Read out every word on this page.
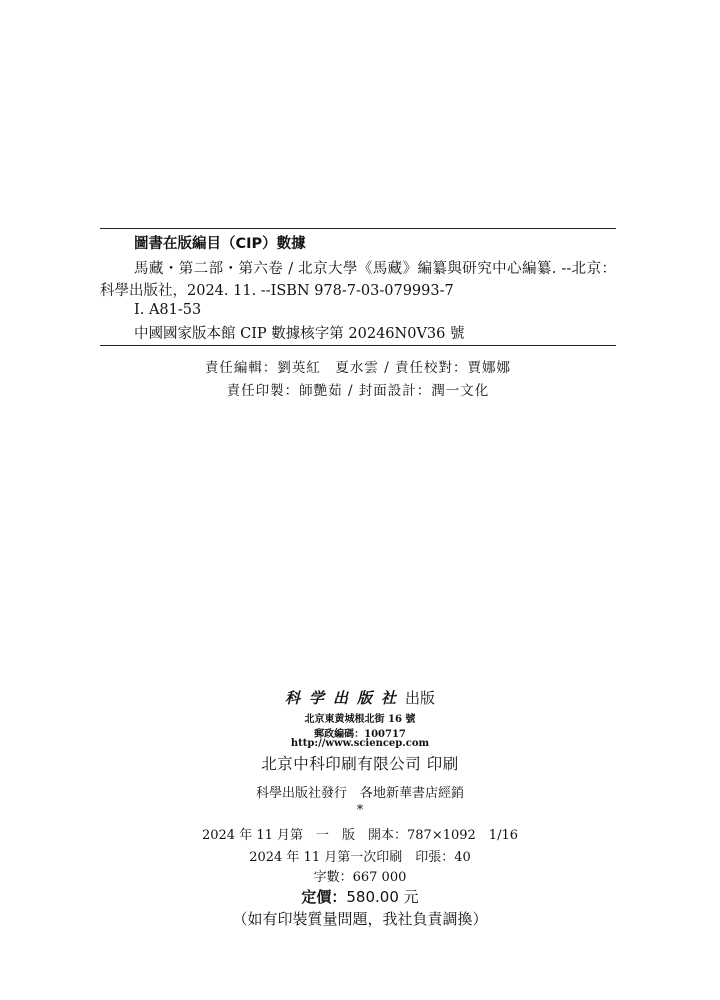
圖書在版編目（CIP）數據
馬藏・第二部・第六卷 / 北京大學《馬藏》編纂與研究中心編纂. --北京：科學出版社，2024. 11. --ISBN 978-7-03-079993-7
Ⅰ. A81-53
中國國家版本館 CIP 數據核字第 20246N0V36 號
責任編輯：劉英紅　夏水雲 / 責任校對：賈娜娜
責任印製：師艷茹 / 封面設計：潤一文化
科学出版社出版
北京東黄城根北街 16 號
郵政編碼：100717
http://www.sciencep.com
北京中科印刷有限公司 印刷
科學出版社發行　各地新華書店經銷
*
2024 年 11 月第　一　版　開本：787×1092　1/16
2024 年 11 月第一次印刷　印張：40
字數：667 000
定價：580.00 元
（如有印裝質量問題，我社負責調換）
